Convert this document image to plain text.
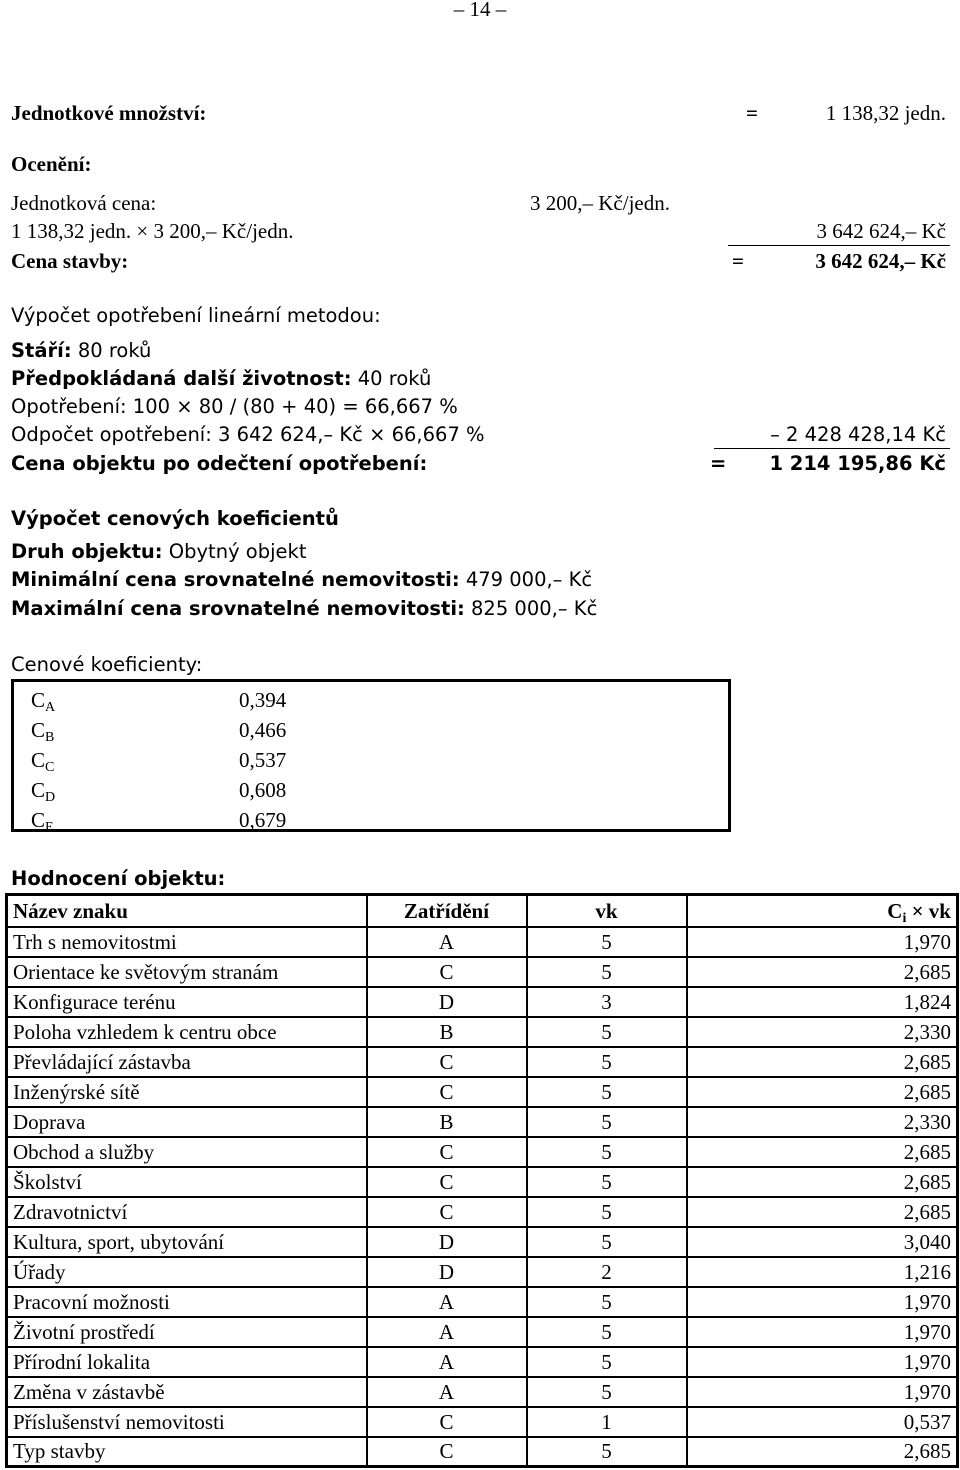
– 14 –
Jednotkové množství:	=	1 138,32 jedn.
Ocenění:
Jednotková cena:	3 200,– Kč/jedn.
1 138,32 jedn. × 3 200,– Kč/jedn.	3 642 624,– Kč
Cena stavby:	=	3 642 624,– Kč
Výpočet opotřebení lineární metodou:
Stáří: 80 roků
Předpokládaná další životnost: 40 roků
Opotřebení: 100 × 80 / (80 + 40) = 66,667 %
Odpočet opotřebení: 3 642 624,– Kč × 66,667 %	– 2 428 428,14 Kč
Cena objektu po odečtení opotřebení:	= 1 214 195,86 Kč
Výpočet cenových koeficientů
Druh objektu: Obytný objekt
Minimální cena srovnatelné nemovitosti: 479 000,– Kč
Maximální cena srovnatelné nemovitosti: 825 000,– Kč
Cenové koeficienty:
$C_A$	0,394
$C_B$	0,466
$C_C$	0,537
$C_D$	0,608
$C_E$	0,679
Hodnocení objektu:
Název znaku	Zatřídění	vk	$C_i$ × vk
Trh s nemovitostmi	A	5	1,970
Orientace ke světovým stranám	C	5	2,685
Konfigurace terénu	D	3	1,824
Poloha vzhledem k centru obce	B	5	2,330
Převládající zástavba	C	5	2,685
Inženýrské sítě	C	5	2,685
Doprava	B	5	2,330
Obchod a služby	C	5	2,685
Školství	C	5	2,685
Zdravotnictví	C	5	2,685
Kultura, sport, ubytování	D	5	3,040
Úřady	D	2	1,216
Pracovní možnosti	A	5	1,970
Životní prostředí	A	5	1,970
Přírodní lokalita	A	5	1,970
Změna v zástavbě	A	5	1,970
Příslušenství nemovitosti	C	1	0,537
Typ stavby	C	5	2,685
